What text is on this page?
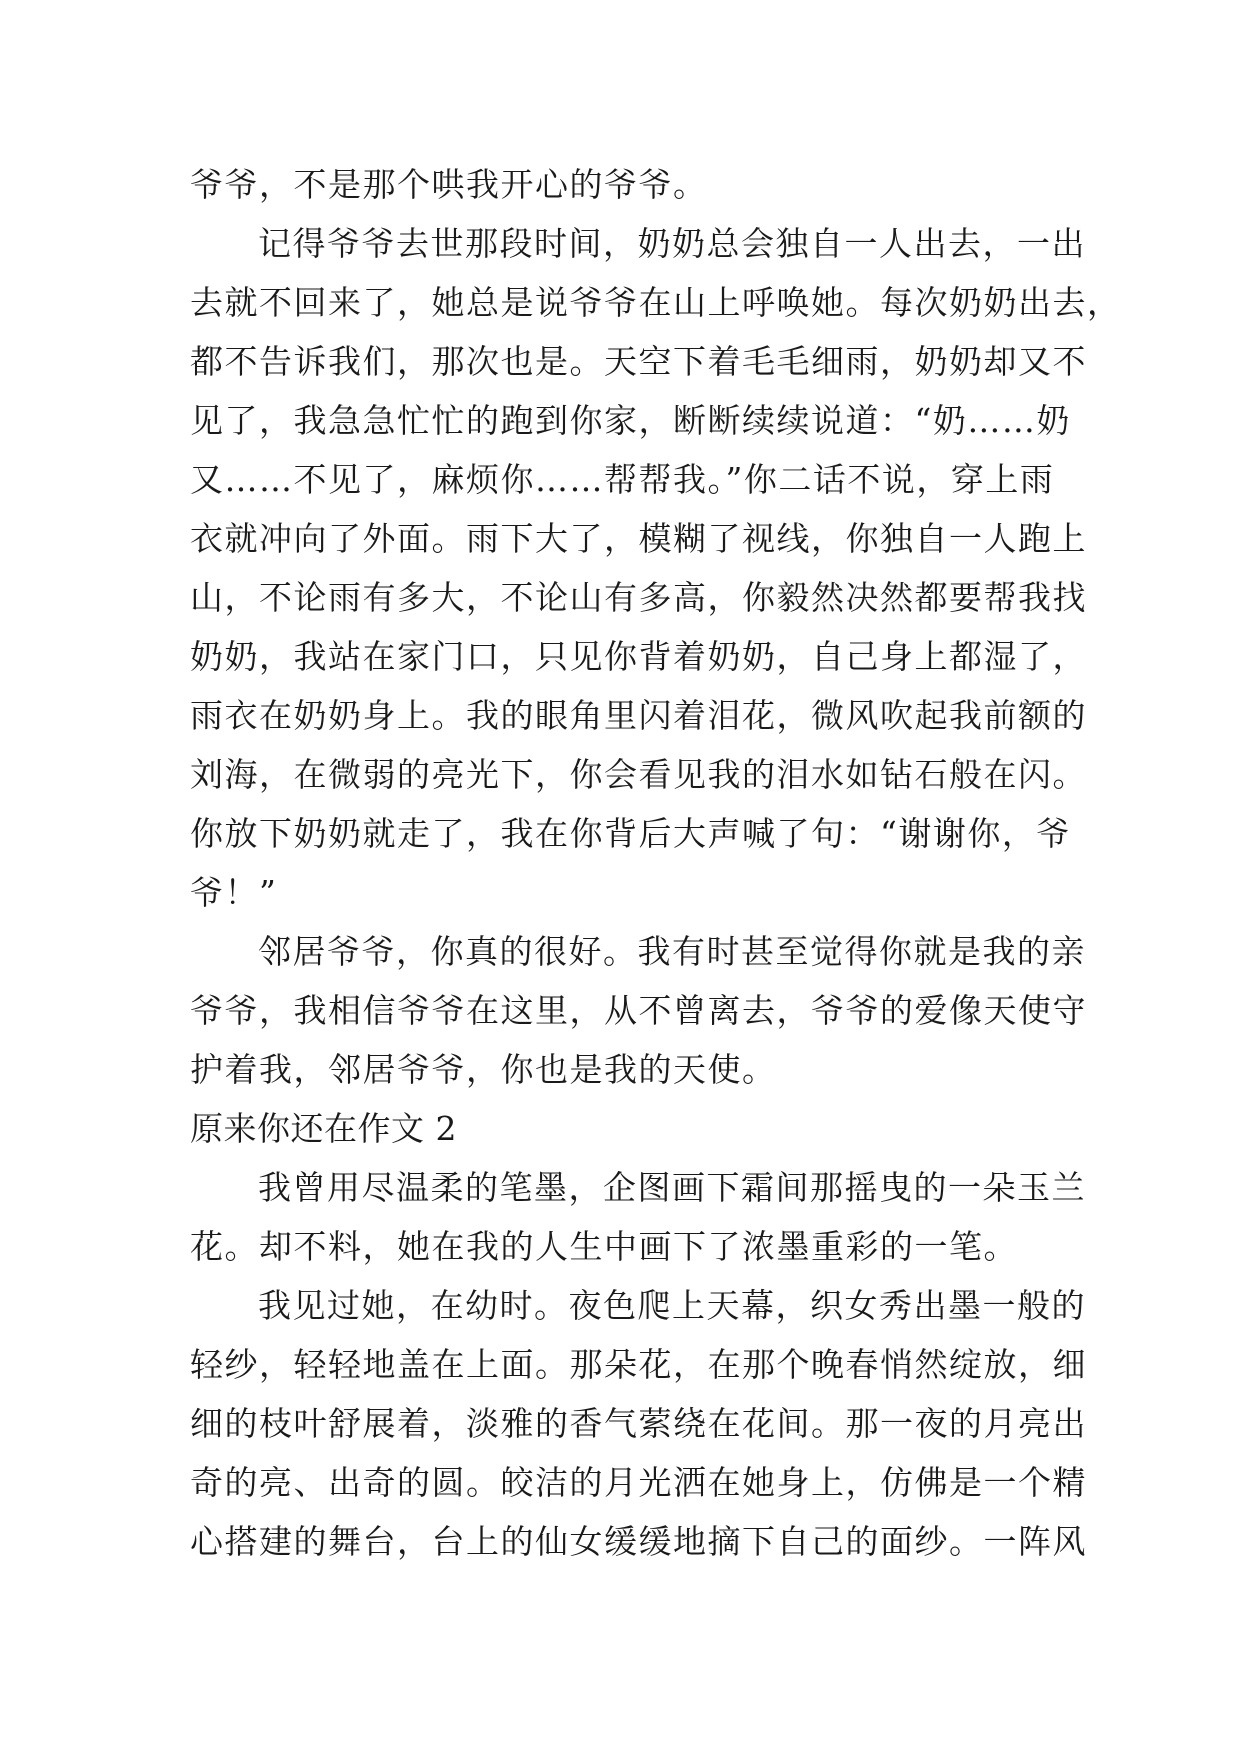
爷爷，不是那个哄我开心的爷爷。
记得爷爷去世那段时间，奶奶总会独自一人出去，一出
去就不回来了，她总是说爷爷在山上呼唤她。每次奶奶出去，
都不告诉我们，那次也是。天空下着毛毛细雨，奶奶却又不
见了，我急急忙忙的跑到你家，断断续续说道：“奶……奶
又……不见了，麻烦你……帮帮我。”你二话不说，穿上雨
衣就冲向了外面。雨下大了，模糊了视线，你独自一人跑上
山，不论雨有多大，不论山有多高，你毅然决然都要帮我找
奶奶，我站在家门口，只见你背着奶奶，自己身上都湿了，
雨衣在奶奶身上。我的眼角里闪着泪花，微风吹起我前额的
刘海，在微弱的亮光下，你会看见我的泪水如钻石般在闪。
你放下奶奶就走了，我在你背后大声喊了句：“谢谢你，爷
爷！”
邻居爷爷，你真的很好。我有时甚至觉得你就是我的亲
爷爷，我相信爷爷在这里，从不曾离去，爷爷的爱像天使守
护着我，邻居爷爷，你也是我的天使。
原来你还在作文 2
我曾用尽温柔的笔墨，企图画下霜间那摇曳的一朵玉兰
花。却不料，她在我的人生中画下了浓墨重彩的一笔。
我见过她，在幼时。夜色爬上天幕，织女秀出墨一般的
轻纱，轻轻地盖在上面。那朵花，在那个晚春悄然绽放，细
细的枝叶舒展着，淡雅的香气萦绕在花间。那一夜的月亮出
奇的亮、出奇的圆。皎洁的月光洒在她身上，仿佛是一个精
心搭建的舞台，台上的仙女缓缓地摘下自己的面纱。一阵风
